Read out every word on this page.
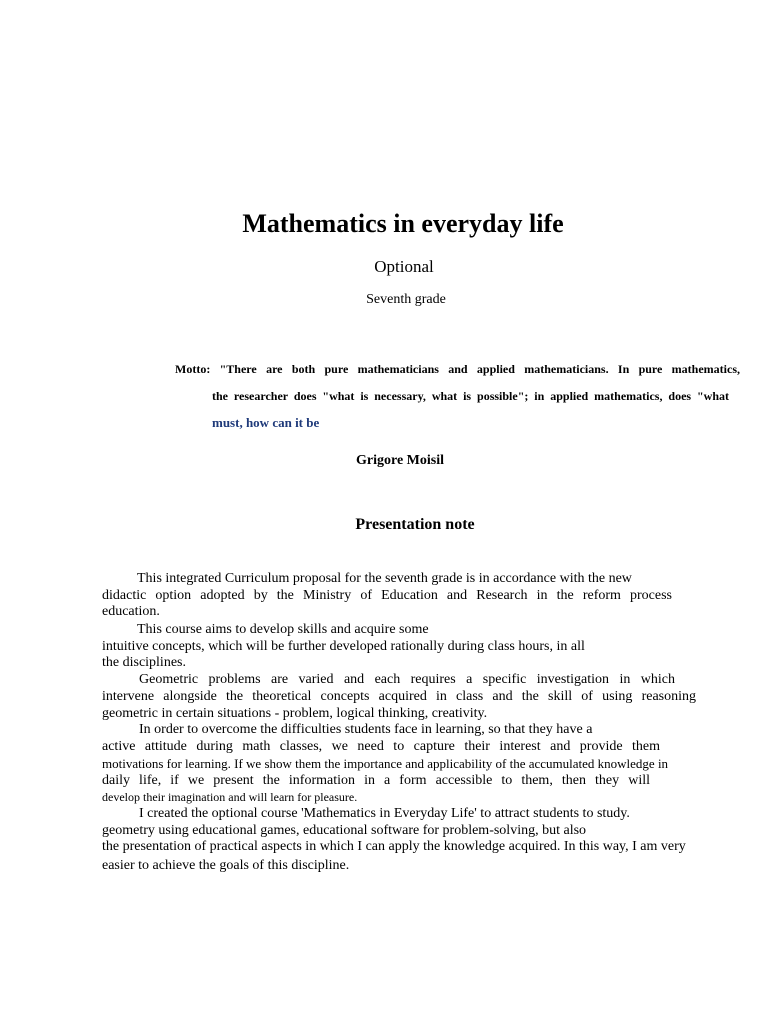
Mathematics in everyday life
Optional
Seventh grade
Motto: "There are both pure mathematicians and applied mathematicians. In pure mathematics,
the researcher does "what is necessary, what is possible"; in applied mathematics, does "what
must, how can it be
Grigore Moisil
Presentation note
This integrated Curriculum proposal for the seventh grade is in accordance with the new
didactic option adopted by the Ministry of Education and Research in the reform process
education.
This course aims to develop skills and acquire some
intuitive concepts, which will be further developed rationally during class hours, in all
the disciplines.
Geometric problems are varied and each requires a specific investigation in which
intervene alongside the theoretical concepts acquired in class and the skill of using reasoning
geometric in certain situations - problem, logical thinking, creativity.
In order to overcome the difficulties students face in learning, so that they have a
active attitude during math classes, we need to capture their interest and provide them
motivations for learning. If we show them the importance and applicability of the accumulated knowledge in
daily life, if we present the information in a form accessible to them, then they will
develop their imagination and will learn for pleasure.
I created the optional course 'Mathematics in Everyday Life' to attract students to study.
geometry using educational games, educational software for problem-solving, but also
the presentation of practical aspects in which I can apply the knowledge acquired. In this way, I am very
easier to achieve the goals of this discipline.
